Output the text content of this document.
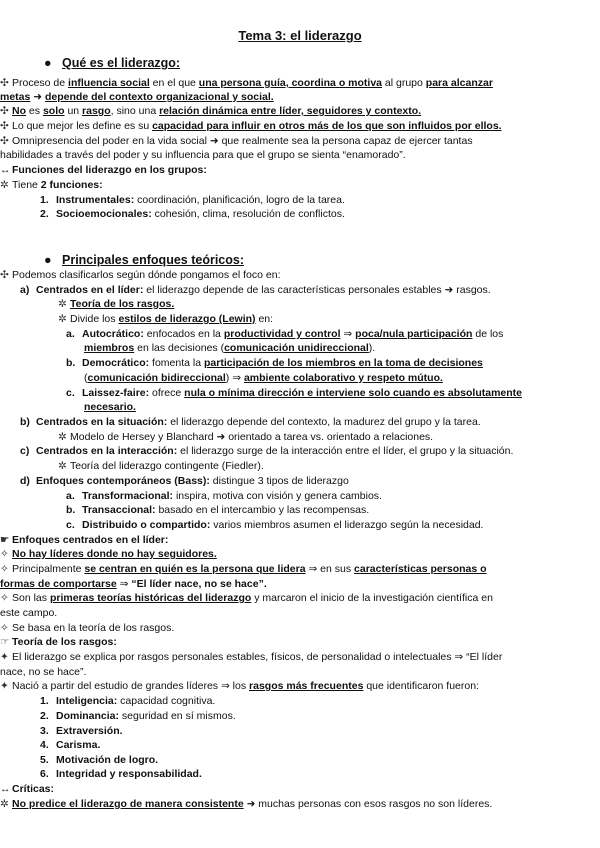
Tema 3: el liderazgo
● Qué es el liderazgo:
✣ Proceso de influencia social en el que una persona guía, coordina o motiva al grupo para alcanzar
metas ➜ depende del contexto organizacional y social.
✣ No es solo un rasgo, sino una relación dinámica entre líder, seguidores y contexto.
✣ Lo que mejor les define es su capacidad para influir en otros más de los que son influidos por ellos.
✣ Omnipresencia del poder en la vida social ➜ que realmente sea la persona capaz de ejercer tantas
habilidades a través del poder y su influencia para que el grupo se sienta “enamorado”.
↔ Funciones del liderazgo en los grupos:
✲ Tiene 2 funciones:
1. Instrumentales: coordinación, planificación, logro de la tarea.
2. Socioemocionales: cohesión, clima, resolución de conflictos.
● Principales enfoques teóricos:
✣ Podemos clasificarlos según dónde pongamos el foco en:
a) Centrados en el líder: el liderazgo depende de las características personales estables ➜ rasgos.
✲ Teoría de los rasgos.
✲ Divide los estilos de liderazgo (Lewin) en:
a. Autocrático: enfocados en la productividad y control ⇒ poca/nula participación de los
miembros en las decisiones (comunicación unidireccional).
b. Democrático: fomenta la participación de los miembros en la toma de decisiones
(comunicación bidireccional) ⇒ ambiente colaborativo y respeto mútuo.
c. Laissez-faire: ofrece nula o mínima dirección e interviene solo cuando es absolutamente
necesario.
b) Centrados en la situación: el liderazgo depende del contexto, la madurez del grupo y la tarea.
✲ Modelo de Hersey y Blanchard ➜ orientado a tarea vs. orientado a relaciones.
c) Centrados en la interacción: el liderazgo surge de la interacción entre el líder, el grupo y la situación.
✲ Teoría del liderazgo contingente (Fiedler).
d) Enfoques contemporáneos (Bass): distingue 3 tipos de liderazgo
a. Transformacional: inspira, motiva con visión y genera cambios.
b. Transaccional: basado en el intercambio y las recompensas.
c. Distribuido o compartido: varios miembros asumen el liderazgo según la necesidad.
☛ Enfoques centrados en el líder:
✧ No hay líderes donde no hay seguidores.
✧ Principalmente se centran en quién es la persona que lidera ⇒ en sus características personas o
formas de comportarse ⇒ “El líder nace, no se hace”.
✧ Son las primeras teorías históricas del liderazgo y marcaron el inicio de la investigación científica en
este campo.
✧ Se basa en la teoría de los rasgos.
☞ Teoría de los rasgos:
✦ El liderazgo se explica por rasgos personales estables, físicos, de personalidad o intelectuales ⇒ “El líder
nace, no se hace”.
✦ Nació a partir del estudio de grandes líderes ⇒ los rasgos más frecuentes que identificaron fueron:
1. Inteligencia: capacidad cognitiva.
2. Dominancia: seguridad en sí mismos.
3. Extraversión.
4. Carisma.
5. Motivación de logro.
6. Integridad y responsabilidad.
↔ Críticas:
✲ No predice el liderazgo de manera consistente ➜ muchas personas con esos rasgos no son líderes.
